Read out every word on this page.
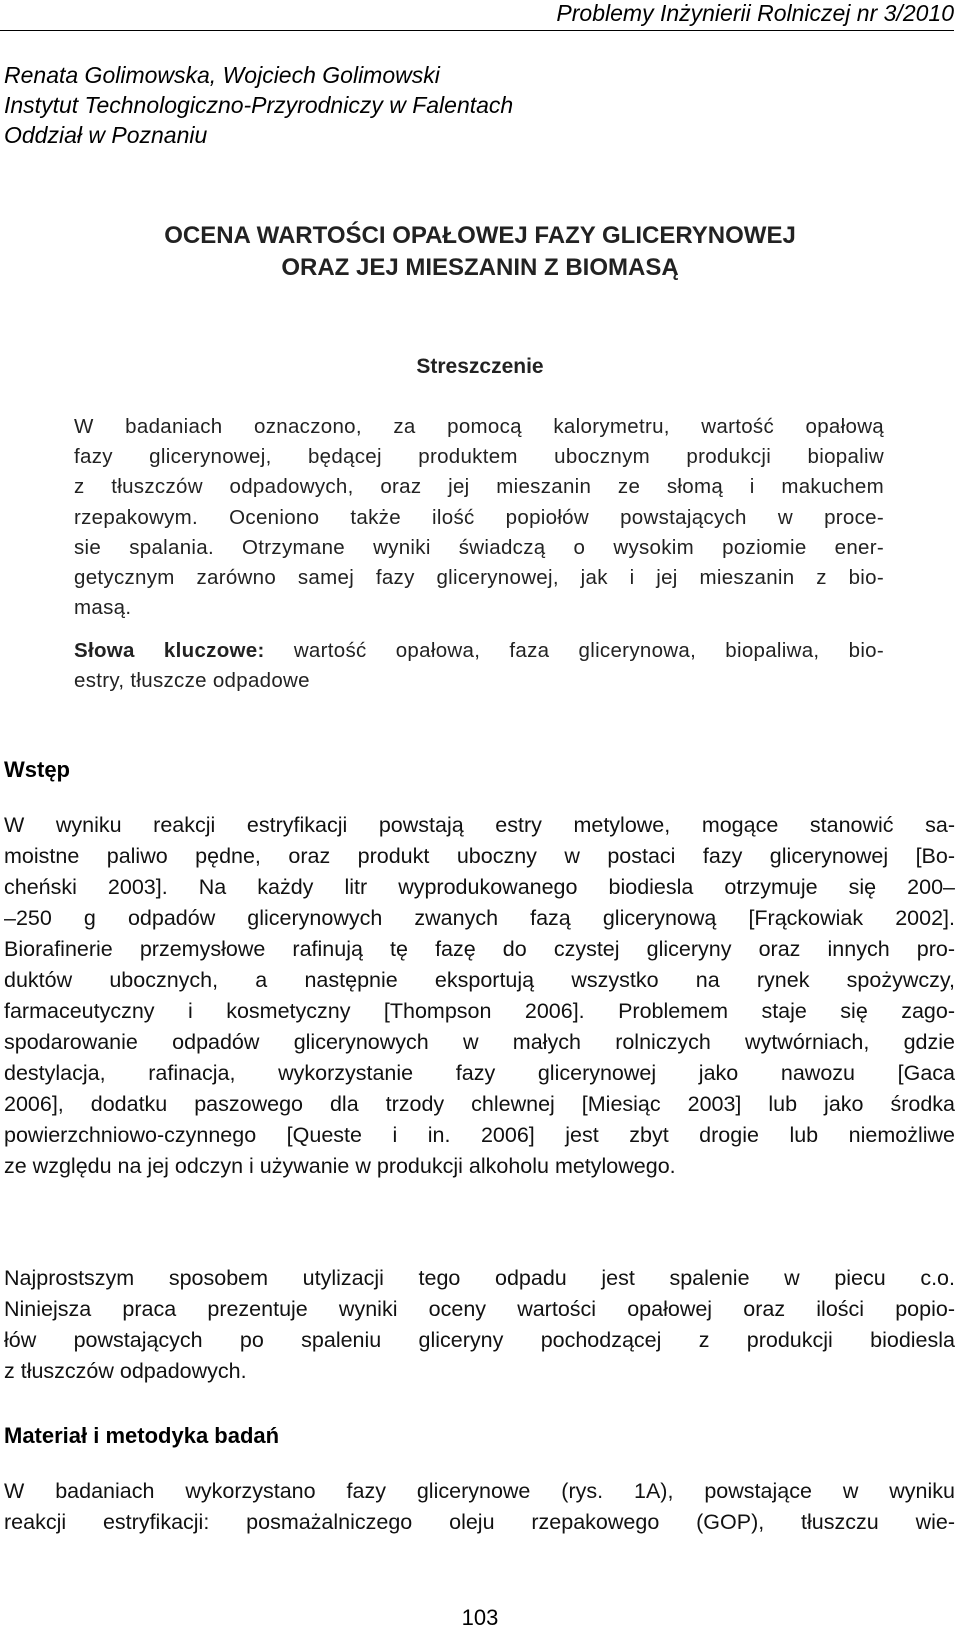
Problemy Inżynierii Rolniczej nr 3/2010
Renata Golimowska, Wojciech Golimowski
Instytut Technologiczno-Przyrodniczy w Falentach
Oddział w Poznaniu
OCENA WARTOŚCI OPAŁOWEJ FAZY GLICERYNOWEJ
ORAZ JEJ MIESZANIN Z BIOMASĄ
Streszczenie
W badaniach oznaczono, za pomocą kalorymetru, wartość opałową
fazy glicerynowej, będącej produktem ubocznym produkcji biopaliw
z tłuszczów odpadowych, oraz jej mieszanin ze słomą i makuchem
rzepakowym. Oceniono także ilość popiołów powstających w proce-
sie spalania. Otrzymane wyniki świadczą o wysokim poziomie ener-
getycznym zarówno samej fazy glicerynowej, jak i jej mieszanin z bio-
masą.
Słowa kluczowe: wartość opałowa, faza glicerynowa, biopaliwa, bio-
estry, tłuszcze odpadowe
Wstęp
W wyniku reakcji estryfikacji powstają estry metylowe, mogące stanowić sa-
moistne paliwo pędne, oraz produkt uboczny w postaci fazy glicerynowej [Bo-
cheński 2003]. Na każdy litr wyprodukowanego biodiesla otrzymuje się 200–
–250 g odpadów glicerynowych zwanych fazą glicerynową [Frąckowiak 2002].
Biorafinerie przemysłowe rafinują tę fazę do czystej gliceryny oraz innych pro-
duktów ubocznych, a następnie eksportują wszystko na rynek spożywczy,
farmaceutyczny i kosmetyczny [Thompson 2006]. Problemem staje się zago-
spodarowanie odpadów glicerynowych w małych rolniczych wytwórniach, gdzie
destylacja, rafinacja, wykorzystanie fazy glicerynowej jako nawozu [Gaca
2006], dodatku paszowego dla trzody chlewnej [Miesiąc 2003] lub jako środka
powierzchniowo-czynnego [Queste i in. 2006] jest zbyt drogie lub niemożliwe
ze względu na jej odczyn i używanie w produkcji alkoholu metylowego.
Najprostszym sposobem utylizacji tego odpadu jest spalenie w piecu c.o.
Niniejsza praca prezentuje wyniki oceny wartości opałowej oraz ilości popio-
łów powstających po spaleniu gliceryny pochodzącej z produkcji biodiesla
z tłuszczów odpadowych.
Materiał i metodyka badań
W badaniach wykorzystano fazy glicerynowe (rys. 1A), powstające w wyniku
reakcji estryfikacji: posmażalniczego oleju rzepakowego (GOP), tłuszczu wie-
103
